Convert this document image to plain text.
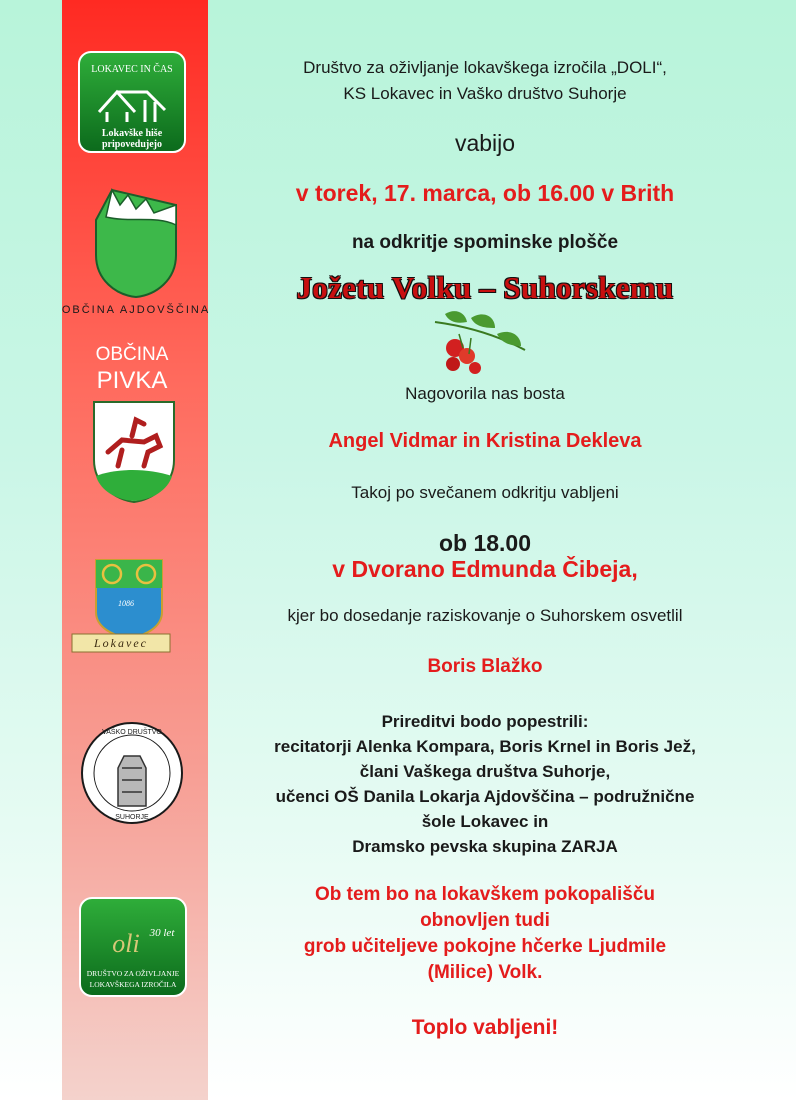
LOKAVEC IN ČAS
Lokavške hiše
pripovedujejo
OBČINA AJDOVŠČINA
OBČINA
PIVKA
1086
Lokavec
VAŠKO DRUŠTVO
SUHORJE
oli 30 let
DRUŠTVO ZA OŽIVLJANJE
LOKAVŠKEGA IZROČILA
Društvo za oživljanje lokavškega izročila „DOLI“,
KS Lokavec in Vaško društvo Suhorje
vabijo
v torek, 17. marca, ob 16.00 v Brith
na odkritje spominske plošče
Jožetu Volku – Suhorskemu
Nagovorila nas bosta
Angel Vidmar in Kristina Dekleva
Takoj po svečanem odkritju vabljeni
ob 18.00
v Dvorano Edmunda Čibeja,
kjer bo dosedanje raziskovanje o Suhorskem osvetlil
Boris Blažko
Prireditvi bodo popestrili:
recitatorji Alenka Kompara, Boris Krnel in Boris Jež,
člani Vaškega društva Suhorje,
učenci OŠ Danila Lokarja Ajdovščina – podružnične
šole Lokavec in
Dramsko pevska skupina ZARJA
Ob tem bo na lokavškem pokopališču
obnovljen tudi
grob učiteljeve pokojne hčerke Ljudmile
(Milice) Volk.
Toplo vabljeni!
